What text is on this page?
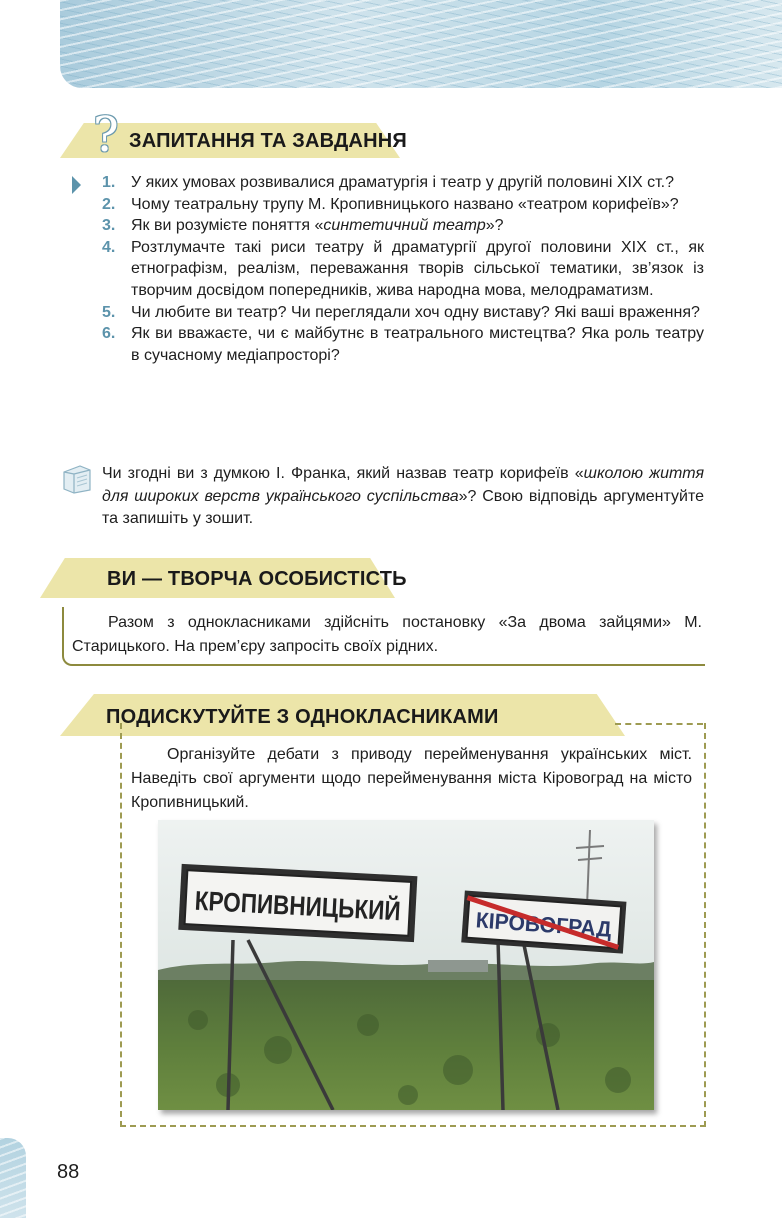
? ЗАПИТАННЯ ТА ЗАВДАННЯ
1. У яких умовах розвивалися драматургія і театр у другій половині XIX ст.?
2. Чому театральну трупу М. Кропивницького названо «театром корифеїв»?
3. Як ви розумієте поняття «синтетичний театр»?
4. Розтлумачте такі риси театру й драматургії другої половини XIX ст., як етнографізм, реалізм, переважання творів сільської тематики, зв’язок із творчим досвідом попередників, жива народна мова, мелодраматизм.
5. Чи любите ви театр? Чи переглядали хоч одну виставу? Які ваші враження?
6. Як ви вважаєте, чи є майбутнє в театрального мистецтва? Яка роль театру в сучасному медіапросторі?

Чи згодні ви з думкою І. Франка, який назвав театр корифеїв «школою життя для широких верств українського суспільства»? Свою відповідь аргументуйте та запишіть у зошит.

ВИ — ТВОРЧА ОСОБИСТІСТЬ

Разом з однокласниками здійсніть постановку «За двома зайцями» М. Старицького. На прем’єру запросіть своїх рідних.

ПОДИСКУТУЙТЕ З ОДНОКЛАСНИКАМИ

Організуйте дебати з приводу перейменування українських міст. Наведіть свої аргументи щодо перейменування міста Кіровоград на місто Кропивницький.

КРОПИВНИЦЬКИЙ

88
